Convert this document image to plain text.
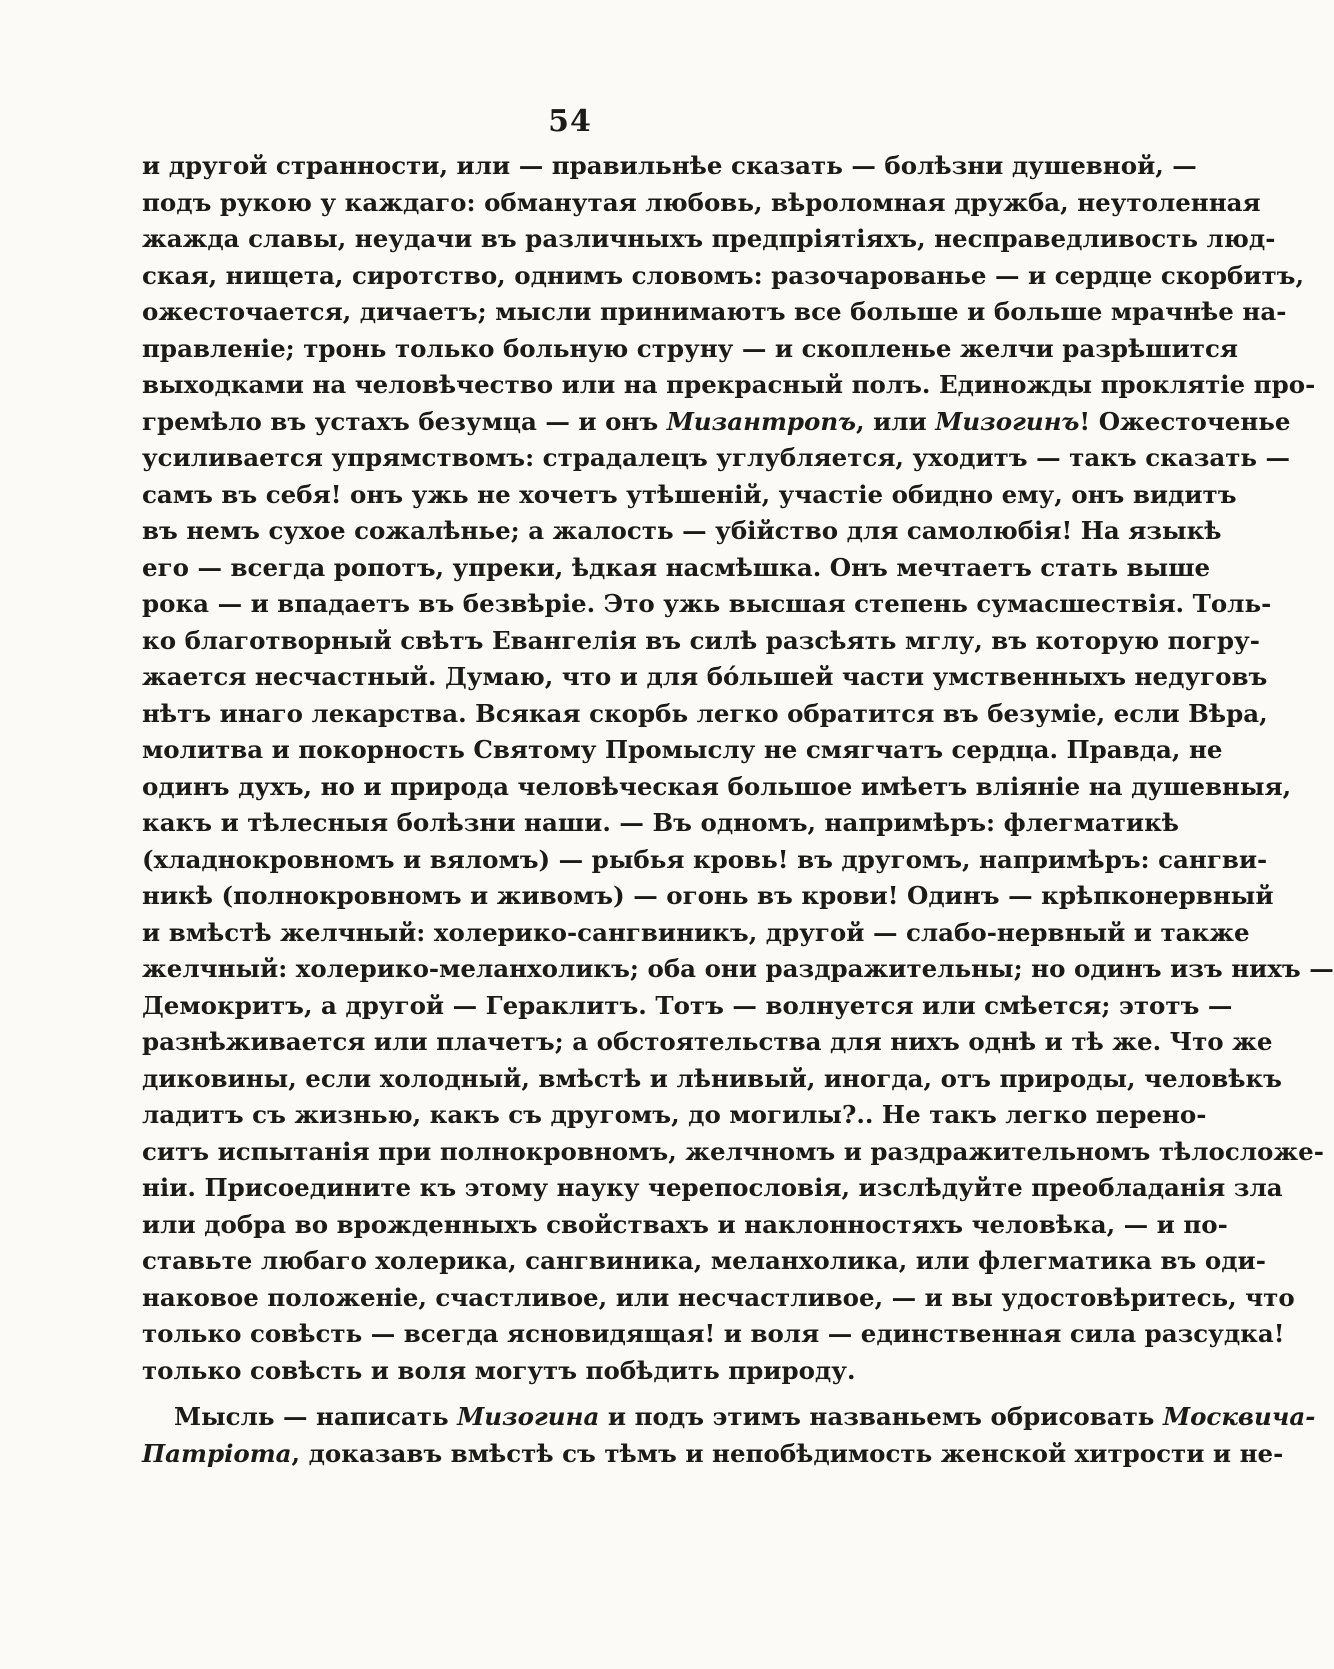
54
и другой странности, или — правильнѣе сказать — болѣзни душевной, —
подъ рукою у каждаго: обманутая любовь, вѣроломная дружба, неутоленная
жажда славы, неудачи въ различныхъ предпріятіяхъ, несправедливость люд-
ская, нищета, сиротство, однимъ словомъ: разочарованье — и сердце скорбитъ,
ожесточается, дичаетъ; мысли принимаютъ все больше и больше мрачнѣе на-
правленіе; тронь только больную струну — и скопленье желчи разрѣшится
выходками на человѣчество или на прекрасный полъ. Единожды проклятіе про-
гремѣло въ устахъ безумца — и онъ Мизантропъ, или Мизогинъ! Ожесточенье
усиливается упрямствомъ: страдалецъ углубляется, уходитъ — такъ сказать —
самъ въ себя! онъ ужь не хочетъ утѣшеній, участіе обидно ему, онъ видитъ
въ немъ сухое сожалѣнье; а жалость — убійство для самолюбія! На языкѣ
его — всегда ропотъ, упреки, ѣдкая насмѣшка. Онъ мечтаетъ стать выше
рока — и впадаетъ въ безвѣріе. Это ужь высшая степень сумасшествія. Толь-
ко благотворный свѣтъ Евангелія въ силѣ разсѣять мглу, въ которую погру-
жается несчастный. Думаю, что и для бо́льшей части умственныхъ недуговъ
нѣтъ инаго лекарства. Всякая скорбь легко обратится въ безуміе, если Вѣра,
молитва и покорность Святому Промыслу не смягчатъ сердца. Правда, не
одинъ духъ, но и природа человѣческая большое имѣетъ вліяніе на душевныя,
какъ и тѣлесныя болѣзни наши. — Въ одномъ, напримѣръ: флегматикѣ
(хладнокровномъ и вяломъ) — рыбья кровь! въ другомъ, напримѣръ: сангви-
никѣ (полнокровномъ и живомъ) — огонь въ крови! Одинъ — крѣпконервный
и вмѣстѣ желчный: холерико-сангвиникъ, другой — слабо-нервный и также
желчный: холерико-меланхоликъ; оба они раздражительны; но одинъ изъ нихъ —
Демокритъ, а другой — Гераклитъ. Тотъ — волнуется или смѣется; этотъ —
разнѣживается или плачетъ; а обстоятельства для нихъ однѣ и тѣ же. Что же
диковины, если холодный, вмѣстѣ и лѣнивый, иногда, отъ природы, человѣкъ
ладитъ съ жизнью, какъ съ другомъ, до могилы?.. Не такъ легко перено-
ситъ испытанія при полнокровномъ, желчномъ и раздражительномъ тѣлосложе-
ніи. Присоедините къ этому науку черепословія, изслѣдуйте преобладанія зла
или добра во врожденныхъ свойствахъ и наклонностяхъ человѣка, — и по-
ставьте любаго холерика, сангвиника, меланхолика, или флегматика въ оди-
наковое положеніе, счастливое, или несчастливое, — и вы удостовѣритесь, что
только совѣсть — всегда ясновидящая! и воля — единственная сила разсудка!
только совѣсть и воля могутъ побѣдить природу.
Мысль — написать Мизогина и подъ этимъ названьемъ обрисовать Москвича-
Патріота, доказавъ вмѣстѣ съ тѣмъ и непобѣдимость женской хитрости и не-
